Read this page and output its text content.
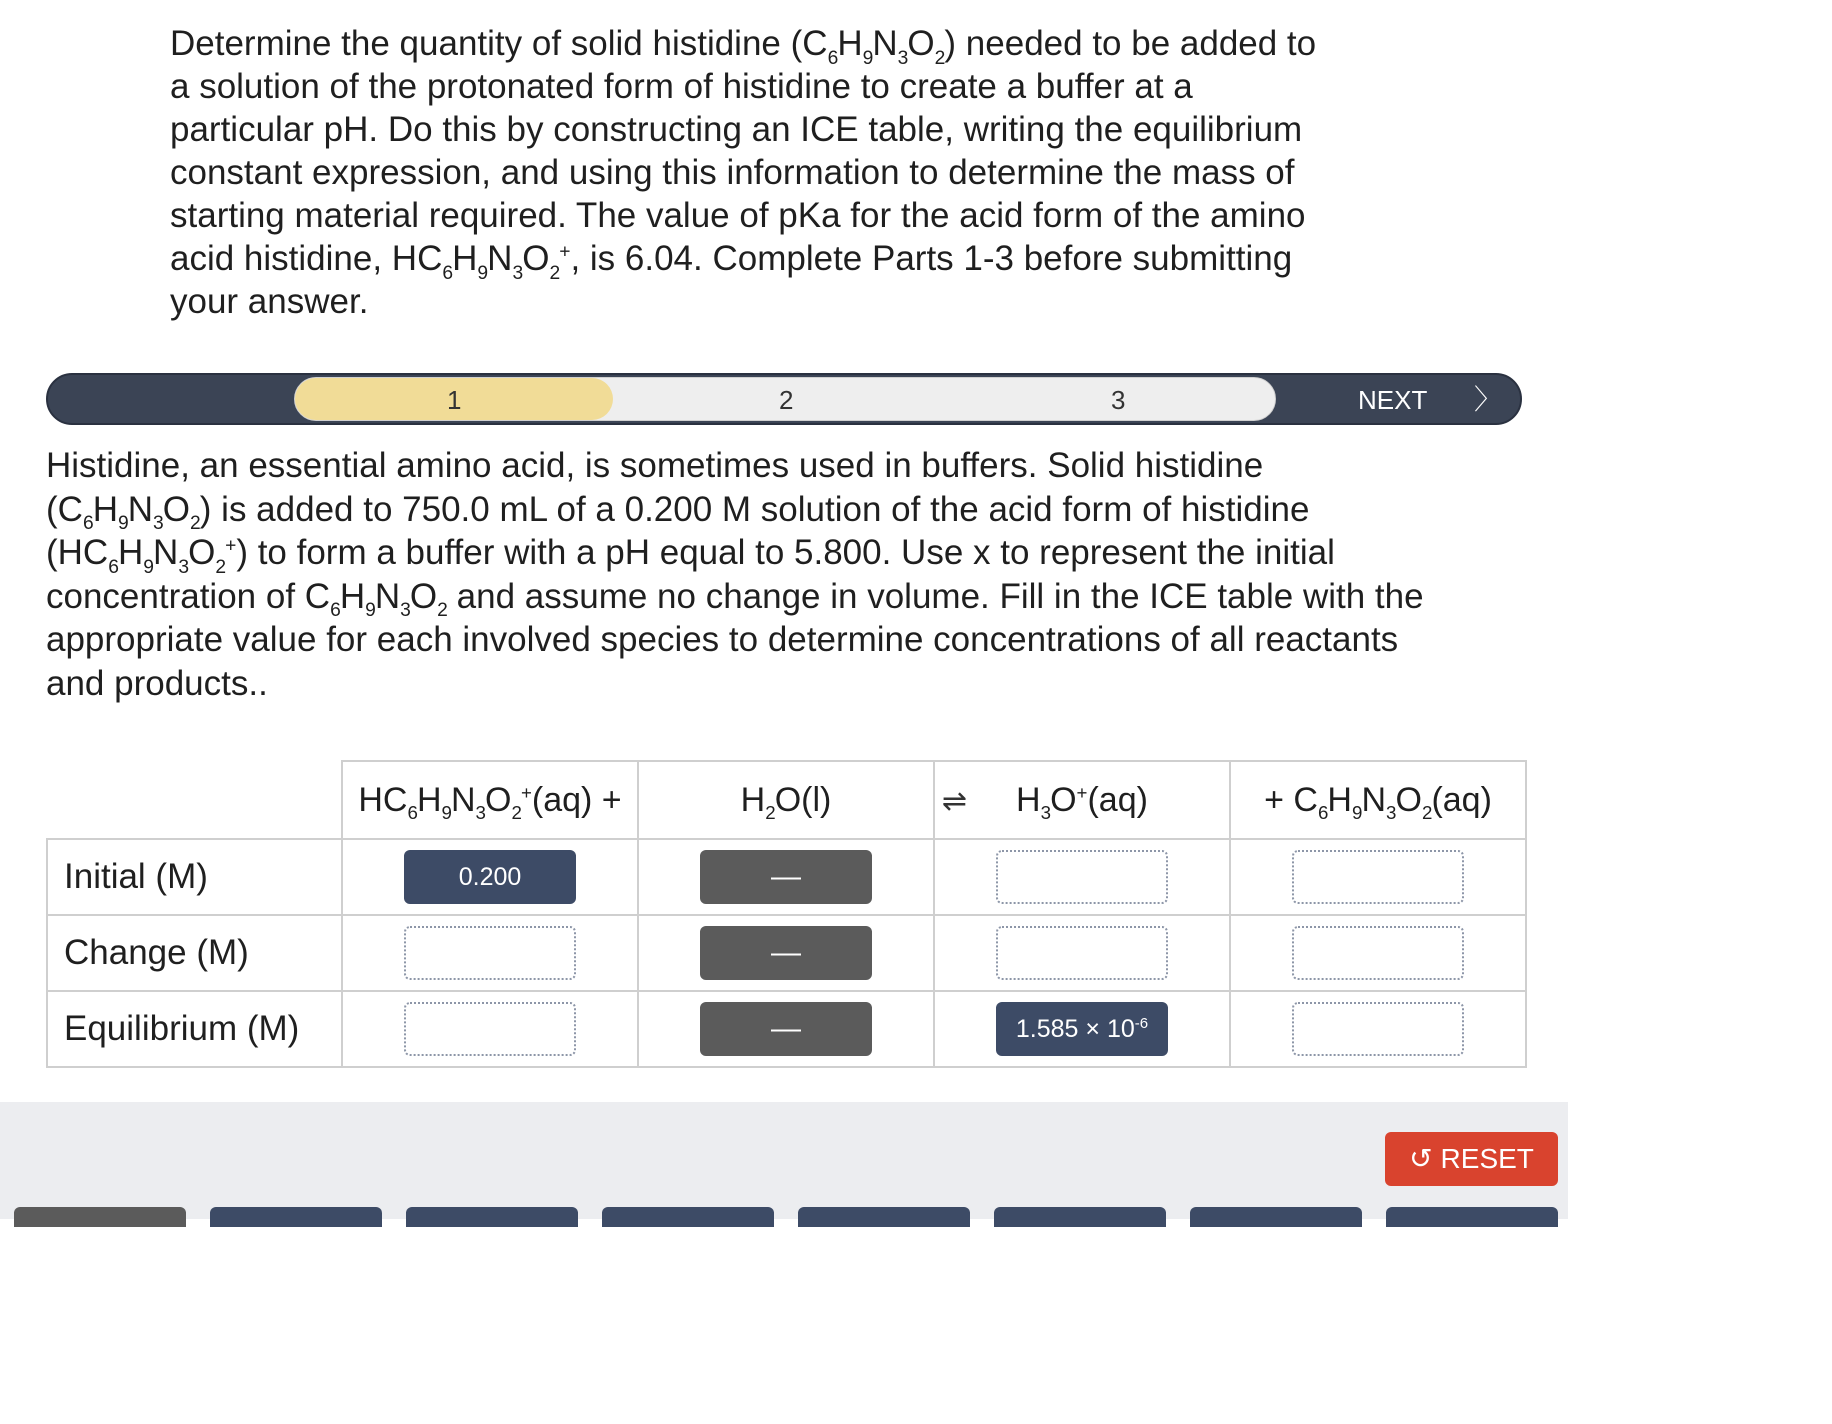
Determine the quantity of solid histidine $(C_6H_9N_3O_2)$ needed to be added to
a solution of the protonated form of histidine to create a buffer at a
particular pH. Do this by constructing an ICE table, writing the equilibrium
constant expression, and using this information to determine the mass of
starting material required. The value of pKa for the acid form of the amino
acid histidine, $HC_6H_9N_3O_2^+$, is 6.04. Complete Parts 1-3 before submitting
your answer.
1	2	3	NEXT 〉
Histidine, an essential amino acid, is sometimes used in buffers. Solid histidine
$(C_6H_9N_3O_2)$ is added to 750.0 mL of a 0.200 M solution of the acid form of histidine
$(HC_6H_9N_3O_2^+)$ to form a buffer with a pH equal to 5.800. Use x to represent the initial
concentration of $C_6H_9N_3O_2$ and assume no change in volume. Fill in the ICE table with the
appropriate value for each involved species to determine concentrations of all reactants
and products..
	$HC_6H_9N_3O_2^+(aq)$ +	$H_2O(l)$ ⇌	$H_3O^+(aq)$	+ $C_6H_9N_3O_2(aq)$
Initial (M)	0.200	—		
Change (M)		—		
Equilibrium (M)		—	$1.585 \times 10^{-6}$	
↺ RESET
